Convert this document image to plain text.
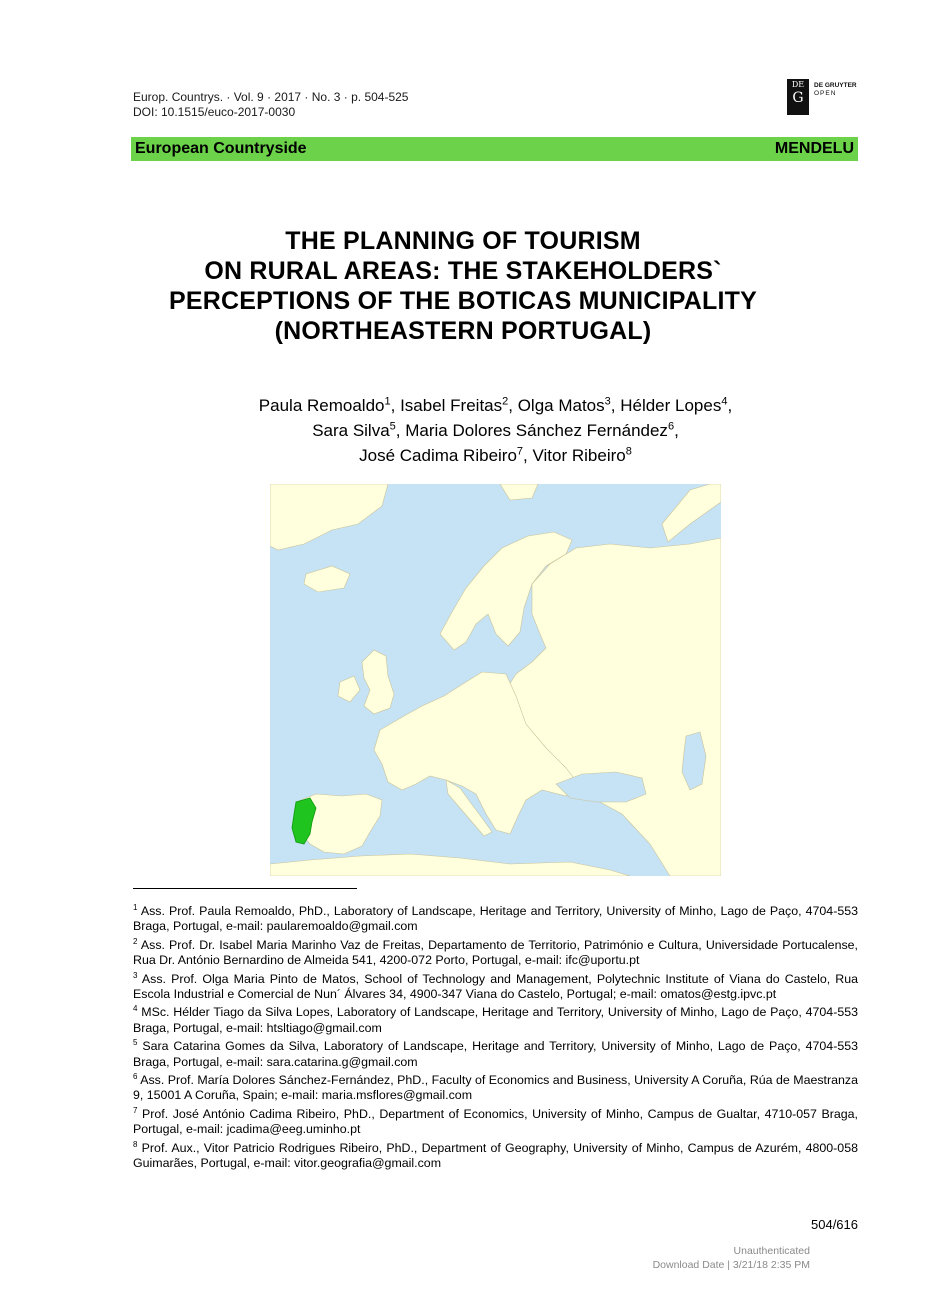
Europ. Countrys. · Vol. 9 · 2017 · No. 3 · p. 504-525
DOI: 10.1515/euco-2017-0030
DE
G
DE GRUYTER
OPEN
European Countryside	MENDELU
THE PLANNING OF TOURISM
ON RURAL AREAS: THE STAKEHOLDERS`
PERCEPTIONS OF THE BOTICAS MUNICIPALITY
(NORTHEASTERN PORTUGAL)
Paula Remoaldo$^1$, Isabel Freitas$^2$, Olga Matos$^3$, Hélder Lopes$^4$,
Sara Silva$^5$, Maria Dolores Sánchez Fernández$^6$,
José Cadima Ribeiro$^7$, Vitor Ribeiro$^8$
$^1$ Ass. Prof. Paula Remoaldo, PhD., Laboratory of Landscape, Heritage and Territory, University of Minho, Lago de Paço, 4704-553 Braga, Portugal, e-mail: paularemoaldo@gmail.com
$^2$ Ass. Prof. Dr. Isabel Maria Marinho Vaz de Freitas, Departamento de Territorio, Património e Cultura, Universidade Portucalense, Rua Dr. António Bernardino de Almeida 541, 4200-072 Porto, Portugal, e-mail: ifc@uportu.pt
$^3$ Ass. Prof. Olga Maria Pinto de Matos, School of Technology and Management, Polytechnic Institute of Viana do Castelo, Rua Escola Industrial e Comercial de Nun´ Álvares 34, 4900-347 Viana do Castelo, Portugal; e-mail: omatos@estg.ipvc.pt
$^4$ MSc. Hélder Tiago da Silva Lopes, Laboratory of Landscape, Heritage and Territory, University of Minho, Lago de Paço, 4704-553 Braga, Portugal, e-mail: htsltiago@gmail.com
$^5$ Sara Catarina Gomes da Silva, Laboratory of Landscape, Heritage and Territory, University of Minho, Lago de Paço, 4704-553 Braga, Portugal, e-mail: sara.catarina.g@gmail.com
$^6$ Ass. Prof. María Dolores Sánchez-Fernández, PhD., Faculty of Economics and Business, University A Coruña, Rúa de Maestranza 9, 15001 A Coruña, Spain; e-mail: maria.msflores@gmail.com
$^7$ Prof. José António Cadima Ribeiro, PhD., Department of Economics, University of Minho, Campus de Gualtar, 4710-057 Braga, Portugal, e-mail: jcadima@eeg.uminho.pt
$^8$ Prof. Aux., Vitor Patricio Rodrigues Ribeiro, PhD., Department of Geography, University of Minho, Campus de Azurém, 4800-058 Guimarães, Portugal, e-mail: vitor.geografia@gmail.com
504/616
Unauthenticated
Download Date | 3/21/18 2:35 PM
